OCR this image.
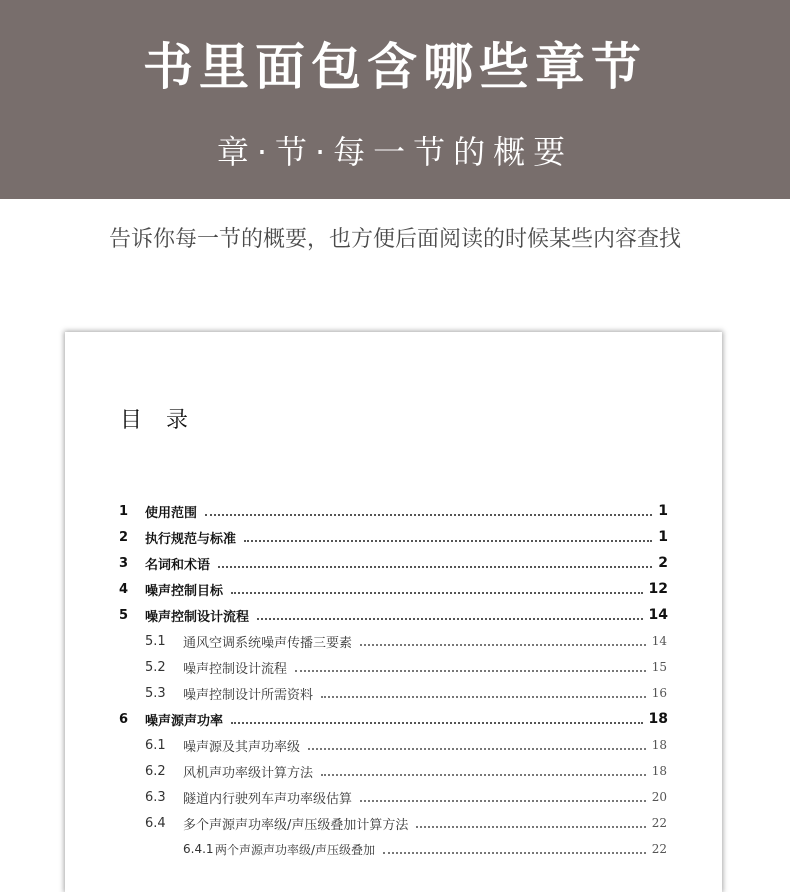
书里面包含哪些章节
章·节·每一节的概要
告诉你每一节的概要，也方便后面阅读的时候某些内容查找
目 录
1	使用范围	1
2	执行规范与标准	1
3	名词和术语	2
4	噪声控制目标	12
5	噪声控制设计流程	14
5.1	通风空调系统噪声传播三要素	14
5.2	噪声控制设计流程	15
5.3	噪声控制设计所需资料	16
6	噪声源声功率	18
6.1	噪声源及其声功率级	18
6.2	风机声功率级计算方法	18
6.3	隧道内行驶列车声功率级估算	20
6.4	多个声源声功率级/声压级叠加计算方法	22
6.4.1 两个声源声功率级/声压级叠加	22
